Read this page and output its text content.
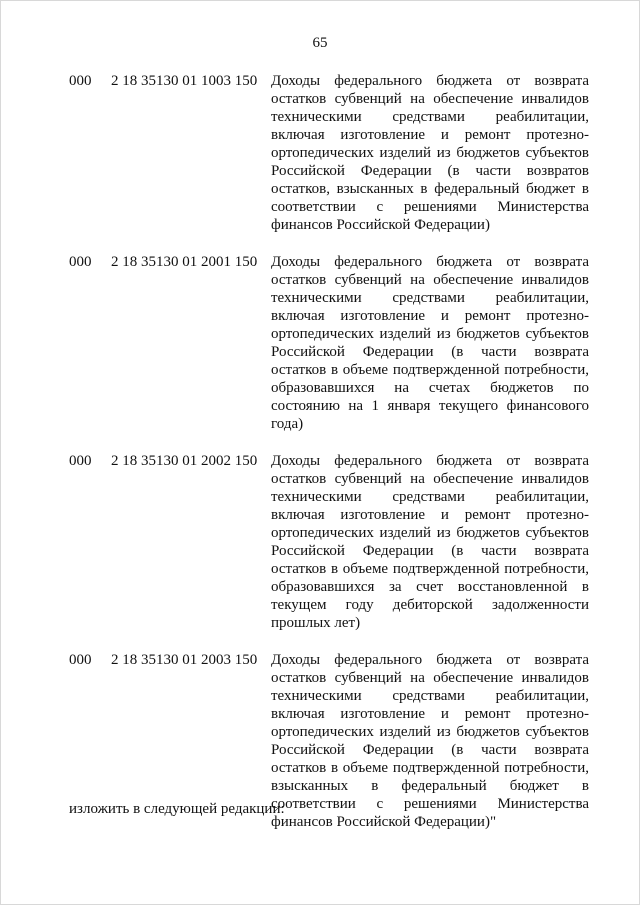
65
000 2 18 35130 01 1003 150 Доходы федерального бюджета от возврата остатков субвенций на обеспечение инвалидов техническими средствами реабилитации, включая изготовление и ремонт протезно-ортопедических изделий из бюджетов субъектов Российской Федерации (в части возвратов остатков, взысканных в федеральный бюджет в соответствии с решениями Министерства финансов Российской Федерации)
000 2 18 35130 01 2001 150 Доходы федерального бюджета от возврата остатков субвенций на обеспечение инвалидов техническими средствами реабилитации, включая изготовление и ремонт протезно-ортопедических изделий из бюджетов субъектов Российской Федерации (в части возврата остатков в объеме подтвержденной потребности, образовавшихся на счетах бюджетов по состоянию на 1 января текущего финансового года)
000 2 18 35130 01 2002 150 Доходы федерального бюджета от возврата остатков субвенций на обеспечение инвалидов техническими средствами реабилитации, включая изготовление и ремонт протезно-ортопедических изделий из бюджетов субъектов Российской Федерации (в части возврата остатков в объеме подтвержденной потребности, образовавшихся за счет восстановленной в текущем году дебиторской задолженности прошлых лет)
000 2 18 35130 01 2003 150 Доходы федерального бюджета от возврата остатков субвенций на обеспечение инвалидов техническими средствами реабилитации, включая изготовление и ремонт протезно-ортопедических изделий из бюджетов субъектов Российской Федерации (в части возврата остатков в объеме подтвержденной потребности, взысканных в федеральный бюджет в соответствии с решениями Министерства финансов Российской Федерации)"
изложить в следующей редакции:
